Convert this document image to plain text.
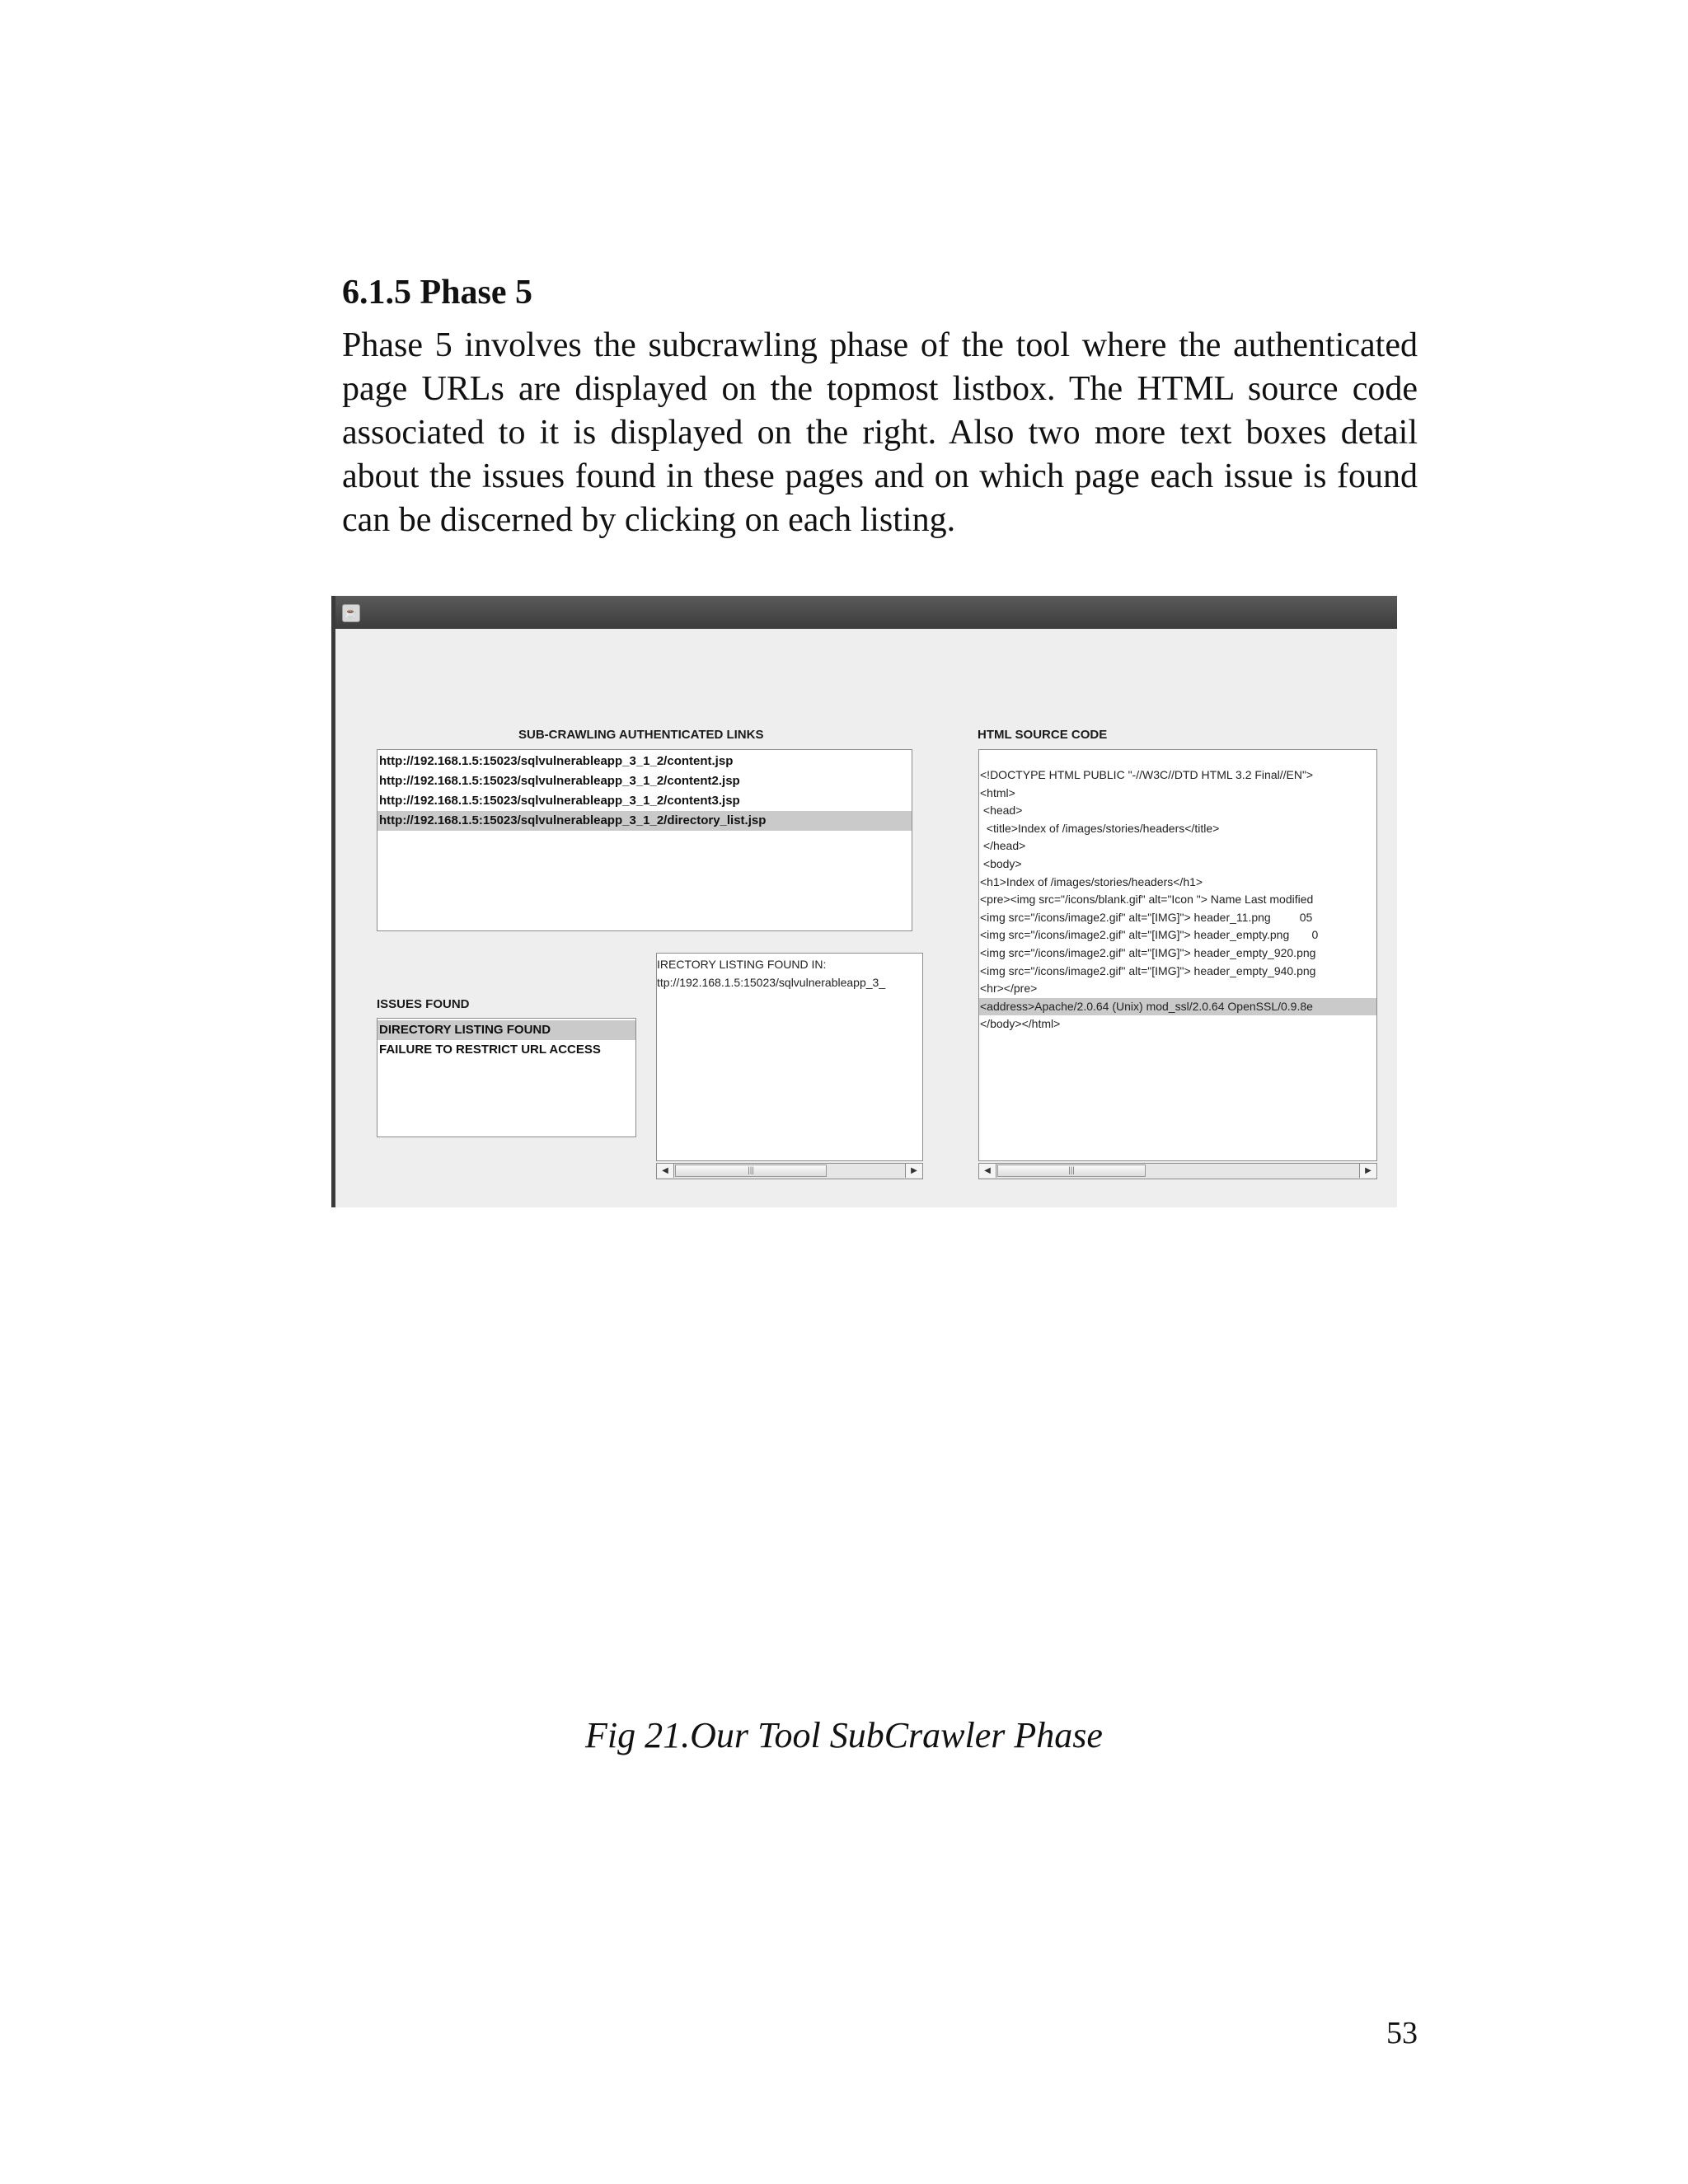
6.1.5 Phase 5

Phase 5 involves the subcrawling phase of the tool where the authenticated page URLs are displayed on the topmost listbox. The HTML source code associated to it is displayed on the right. Also two more text boxes detail about the issues found in these pages and on which page each issue is found can be discerned by clicking on each listing.

☕
SUB-CRAWLING AUTHENTICATED LINKS
http://192.168.1.5:15023/sqlvulnerableapp_3_1_2/content.jsp
http://192.168.1.5:15023/sqlvulnerableapp_3_1_2/content2.jsp
http://192.168.1.5:15023/sqlvulnerableapp_3_1_2/content3.jsp
http://192.168.1.5:15023/sqlvulnerableapp_3_1_2/directory_list.jsp
HTML SOURCE CODE
<!DOCTYPE HTML PUBLIC "-//W3C//DTD HTML 3.2 Final//EN">
<html>
<head>
<title>Index of /images/stories/headers</title>
</head>
<body>
<h1>Index of /images/stories/headers</h1>
<pre><img src="/icons/blank.gif" alt="Icon "> Name Last modified
<img src="/icons/image2.gif" alt="[IMG]"> header_11.png         05
<img src="/icons/image2.gif" alt="[IMG]"> header_empty.png       0
<img src="/icons/image2.gif" alt="[IMG]"> header_empty_920.png
<img src="/icons/image2.gif" alt="[IMG]"> header_empty_940.png
<hr></pre>
<address>Apache/2.0.64 (Unix) mod_ssl/2.0.64 OpenSSL/0.9.8e
</body></html>
◀	|||	▶
IRECTORY LISTING FOUND IN:
ttp://192.168.1.5:15023/sqlvulnerableapp_3_
◀	|||	▶
ISSUES FOUND
DIRECTORY LISTING FOUND
FAILURE TO RESTRICT URL ACCESS

Fig 21.Our Tool SubCrawler Phase

53
